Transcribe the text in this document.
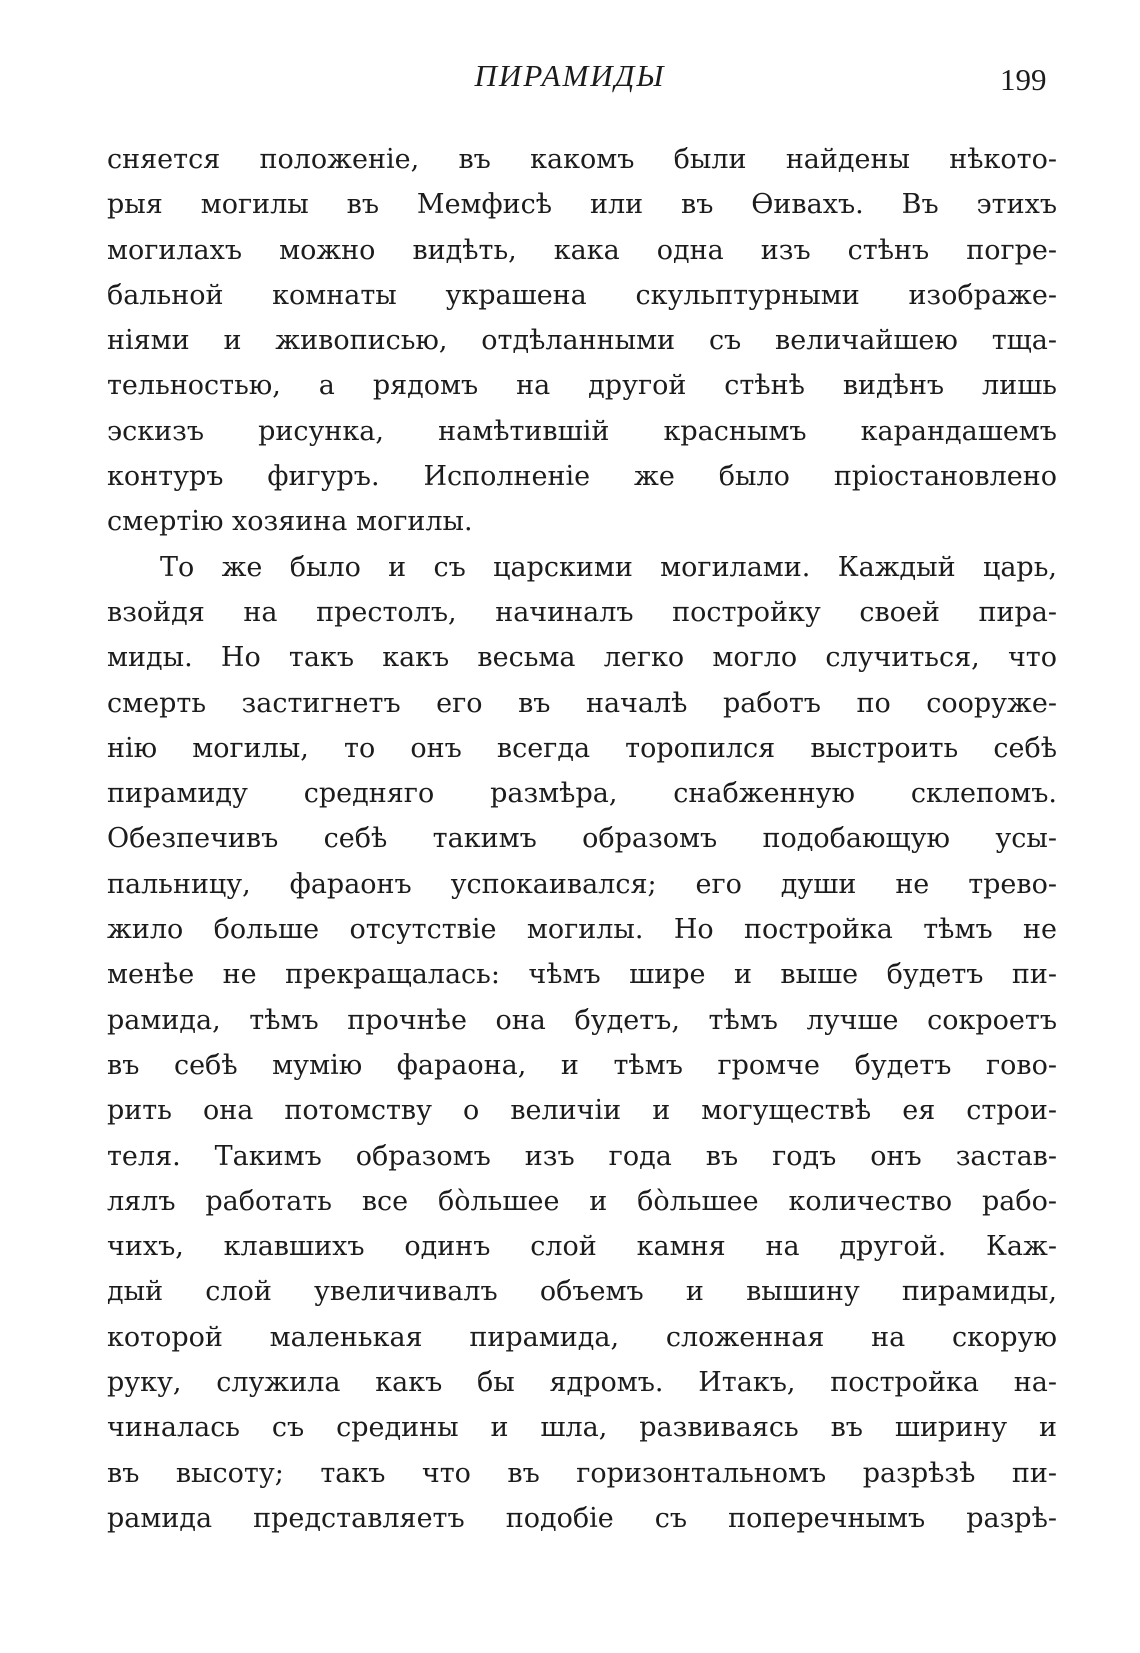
ПИРАМИДЫ	199
сняется положеніе, въ какомъ были найдены нѣкото-
рыя могилы въ Мемфисѣ или въ Ѳивахъ. Въ этихъ
могилахъ можно видѣть, кака одна изъ стѣнъ погре-
бальной комнаты украшена скульптурными изображе-
ніями и живописью, отдѣланными съ величайшею тща-
тельностью, а рядомъ на другой стѣнѣ видѣнъ лишь
эскизъ рисунка, намѣтившій краснымъ карандашемъ
контуръ фигуръ. Исполненіе же было пріостановлено
смертію хозяина могилы.
То же было и съ царскими могилами. Каждый царь,
взойдя на престолъ, начиналъ постройку своей пира-
миды. Но такъ какъ весьма легко могло случиться, что
смерть застигнетъ его въ началѣ работъ по сооруже-
нію могилы, то онъ всегда торопился выстроить себѣ
пирамиду средняго размѣра, снабженную склепомъ.
Обезпечивъ себѣ такимъ образомъ подобающую усы-
пальницу, фараонъ успокаивался; его души не трево-
жило больше отсутствіе могилы. Но постройка тѣмъ не
менѣе не прекращалась: чѣмъ шире и выше будетъ пи-
рамида, тѣмъ прочнѣе она будетъ, тѣмъ лучше сокроетъ
въ себѣ мумію фараона, и тѣмъ громче будетъ гово-
рить она потомству о величіи и могуществѣ ея строи-
теля. Такимъ образомъ изъ года въ годъ онъ застав-
лялъ работать все бо̀льшее и бо̀льшее количество рабо-
чихъ, клавшихъ одинъ слой камня на другой. Каж-
дый слой увеличивалъ объемъ и вышину пирамиды,
которой маленькая пирамида, сложенная на скорую
руку, служила какъ бы ядромъ. Итакъ, постройка на-
чиналась съ средины и шла, развиваясь въ ширину и
въ высоту; такъ что въ горизонтальномъ разрѣзѣ пи-
рамида представляетъ подобіе съ поперечнымъ разрѣ-
